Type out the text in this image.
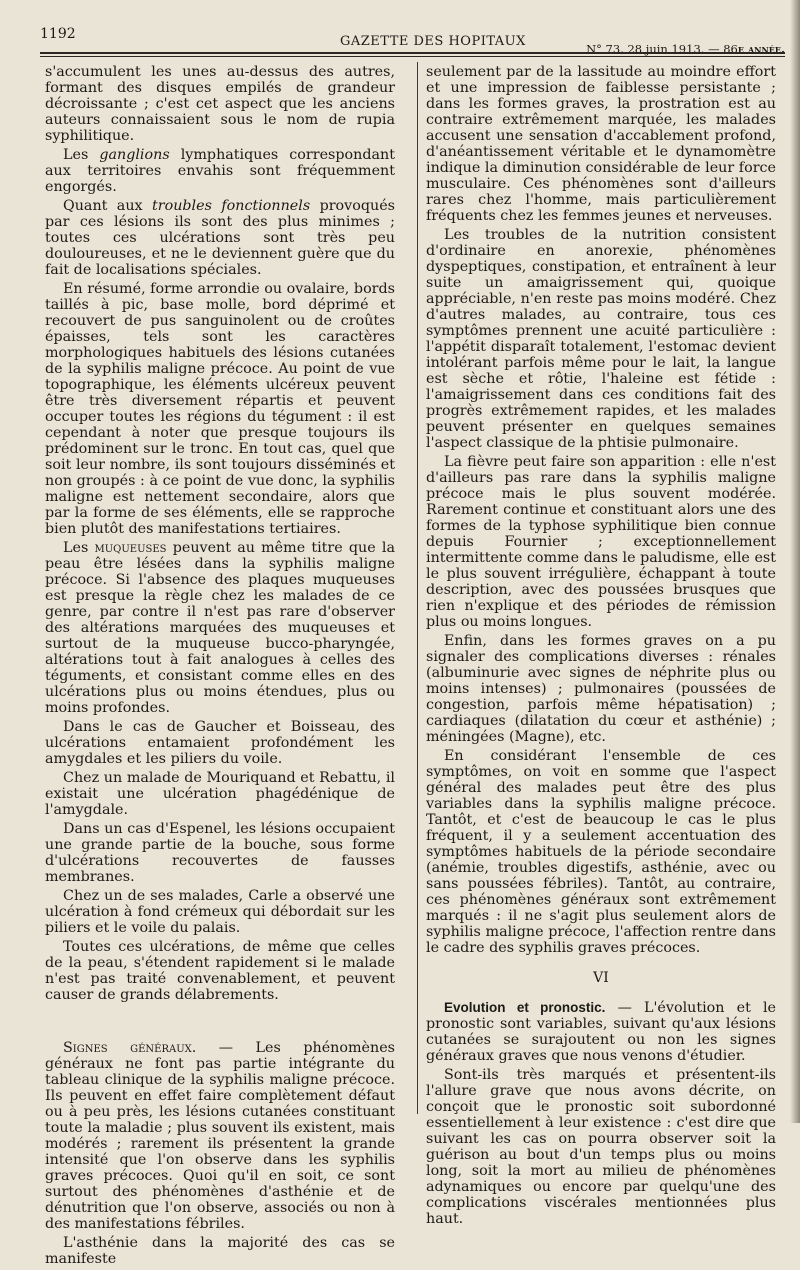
1192	GAZETTE DES HOPITAUX	N° 73, 28 juin 1913. — 86e année.

s'accumulent les unes au-dessus des autres, formant des disques empilés de grandeur décroissante ; c'est cet aspect que les anciens auteurs connaissaient sous le nom de rupia syphilitique.

Les ganglions lymphatiques correspondant aux territoires envahis sont fréquemment engorgés.

Quant aux troubles fonctionnels provoqués par ces lésions ils sont des plus minimes ; toutes ces ulcérations sont très peu douloureuses, et ne le deviennent guère que du fait de localisations spéciales.

En résumé, forme arrondie ou ovalaire, bords taillés à pic, base molle, bord déprimé et recouvert de pus sanguinolent ou de croûtes épaisses, tels sont les caractères morphologiques habituels des lésions cutanées de la syphilis maligne précoce. Au point de vue topographique, les éléments ulcéreux peuvent être très diversement répartis et peuvent occuper toutes les régions du tégument : il est cependant à noter que presque toujours ils prédominent sur le tronc. En tout cas, quel que soit leur nombre, ils sont toujours disséminés et non groupés : à ce point de vue donc, la syphilis maligne est nettement secondaire, alors que par la forme de ses éléments, elle se rapproche bien plutôt des manifestations tertiaires.

Les muqueuses peuvent au même titre que la peau être lésées dans la syphilis maligne précoce. Si l'absence des plaques muqueuses est presque la règle chez les malades de ce genre, par contre il n'est pas rare d'observer des altérations marquées des muqueuses et surtout de la muqueuse bucco-pharyngée, altérations tout à fait analogues à celles des téguments, et consistant comme elles en des ulcérations plus ou moins étendues, plus ou moins profondes.

Dans le cas de Gaucher et Boisseau, des ulcérations entamaient profondément les amygdales et les piliers du voile.

Chez un malade de Mouriquand et Rebattu, il existait une ulcération phagédénique de l'amygdale.

Dans un cas d'Espenel, les lésions occupaient une grande partie de la bouche, sous forme d'ulcérations recouvertes de fausses membranes.

Chez un de ses malades, Carle a observé une ulcération à fond crémeux qui débordait sur les piliers et le voile du palais.

Toutes ces ulcérations, de même que celles de la peau, s'étendent rapidement si le malade n'est pas traité convenablement, et peuvent causer de grands délabrements.

Signes généraux. — Les phénomènes généraux ne font pas partie intégrante du tableau clinique de la syphilis maligne précoce. Ils peuvent en effet faire complètement défaut ou à peu près, les lésions cutanées constituant toute la maladie ; plus souvent ils existent, mais modérés ; rarement ils présentent la grande intensité que l'on observe dans les syphilis graves précoces. Quoi qu'il en soit, ce sont surtout des phénomènes d'asthénie et de dénutrition que l'on observe, associés ou non à des manifestations fébriles.

L'asthénie dans la majorité des cas se manifeste

seulement par de la lassitude au moindre effort et une impression de faiblesse persistante ; dans les formes graves, la prostration est au contraire extrêmement marquée, les malades accusent une sensation d'accablement profond, d'anéantissement véritable et le dynamomètre indique la diminution considérable de leur force musculaire. Ces phénomènes sont d'ailleurs rares chez l'homme, mais particulièrement fréquents chez les femmes jeunes et nerveuses.

Les troubles de la nutrition consistent d'ordinaire en anorexie, phénomènes dyspeptiques, constipation, et entraînent à leur suite un amaigrissement qui, quoique appréciable, n'en reste pas moins modéré. Chez d'autres malades, au contraire, tous ces symptômes prennent une acuité particulière : l'appétit disparaît totalement, l'estomac devient intolérant parfois même pour le lait, la langue est sèche et rôtie, l'haleine est fétide : l'amaigrissement dans ces conditions fait des progrès extrêmement rapides, et les malades peuvent présenter en quelques semaines l'aspect classique de la phtisie pulmonaire.

La fièvre peut faire son apparition : elle n'est d'ailleurs pas rare dans la syphilis maligne précoce mais le plus souvent modérée. Rarement continue et constituant alors une des formes de la typhose syphilitique bien connue depuis Fournier ; exceptionnellement intermittente comme dans le paludisme, elle est le plus souvent irrégulière, échappant à toute description, avec des poussées brusques que rien n'explique et des périodes de rémission plus ou moins longues.

Enfin, dans les formes graves on a pu signaler des complications diverses : rénales (albuminurie avec signes de néphrite plus ou moins intenses) ; pulmonaires (poussées de congestion, parfois même hépatisation) ; cardiaques (dilatation du cœur et asthénie) ; méningées (Magne), etc.

En considérant l'ensemble de ces symptômes, on voit en somme que l'aspect général des malades peut être des plus variables dans la syphilis maligne précoce. Tantôt, et c'est de beaucoup le cas le plus fréquent, il y a seulement accentuation des symptômes habituels de la période secondaire (anémie, troubles digestifs, asthénie, avec ou sans poussées fébriles). Tantôt, au contraire, ces phénomènes généraux sont extrêmement marqués : il ne s'agit plus seulement alors de syphilis maligne précoce, l'affection rentre dans le cadre des syphilis graves précoces.

VI

Evolution et pronostic. — L'évolution et le pronostic sont variables, suivant qu'aux lésions cutanées se surajoutent ou non les signes généraux graves que nous venons d'étudier.

Sont-ils très marqués et présentent-ils l'allure grave que nous avons décrite, on conçoit que le pronostic soit subordonné essentiellement à leur existence : c'est dire que suivant les cas on pourra observer soit la guérison au bout d'un temps plus ou moins long, soit la mort au milieu de phénomènes adynamiques ou encore par quelqu'une des complications viscérales mentionnées plus haut.
